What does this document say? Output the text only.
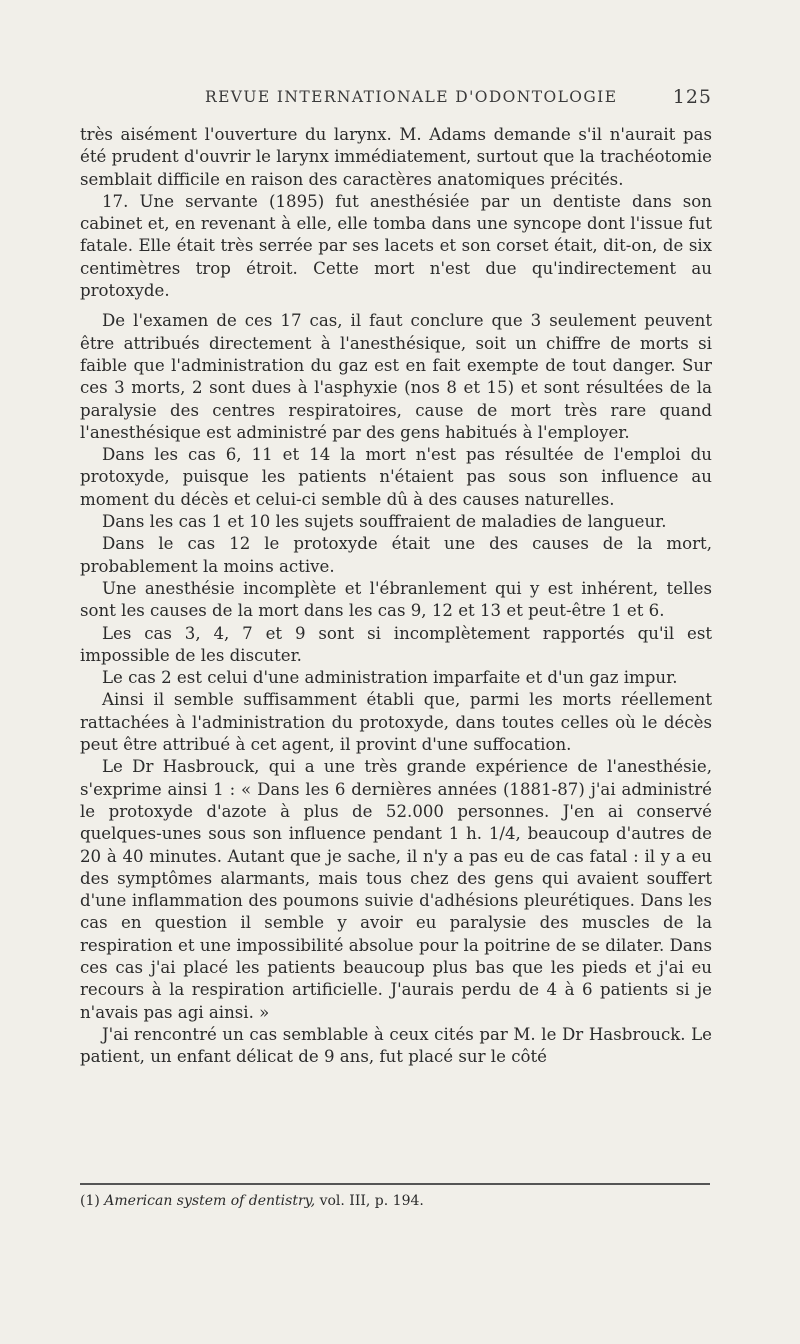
REVUE INTERNATIONALE D'ODONTOLOGIE	125

très aisément l'ouverture du larynx. M. Adams demande s'il n'aurait pas été prudent d'ouvrir le larynx immédiatement, surtout que la trachéotomie semblait difficile en raison des caractères anatomiques précités.

17. Une servante (1895) fut anesthésiée par un dentiste dans son cabinet et, en revenant à elle, elle tomba dans une syncope dont l'issue fut fatale. Elle était très serrée par ses lacets et son corset était, dit-on, de six centimètres trop étroit. Cette mort n'est due qu'indirectement au protoxyde.

De l'examen de ces 17 cas, il faut conclure que 3 seulement peuvent être attribués directement à l'anesthésique, soit un chiffre de morts si faible que l'administration du gaz est en fait exempte de tout danger. Sur ces 3 morts, 2 sont dues à l'asphyxie (nos 8 et 15) et sont résultées de la paralysie des centres respiratoires, cause de mort très rare quand l'anesthésique est administré par des gens habitués à l'employer.

Dans les cas 6, 11 et 14 la mort n'est pas résultée de l'emploi du protoxyde, puisque les patients n'étaient pas sous son influence au moment du décès et celui-ci semble dû à des causes naturelles.

Dans les cas 1 et 10 les sujets souffraient de maladies de langueur.

Dans le cas 12 le protoxyde était une des causes de la mort, probablement la moins active.

Une anesthésie incomplète et l'ébranlement qui y est inhérent, telles sont les causes de la mort dans les cas 9, 12 et 13 et peut-être 1 et 6.

Les cas 3, 4, 7 et 9 sont si incomplètement rapportés qu'il est impossible de les discuter.

Le cas 2 est celui d'une administration imparfaite et d'un gaz impur.

Ainsi il semble suffisamment établi que, parmi les morts réellement rattachées à l'administration du protoxyde, dans toutes celles où le décès peut être attribué à cet agent, il provint d'une suffocation.

Le Dr Hasbrouck, qui a une très grande expérience de l'anesthésie, s'exprime ainsi 1 : « Dans les 6 dernières années (1881-87) j'ai administré le protoxyde d'azote à plus de 52.000 personnes. J'en ai conservé quelques-unes sous son influence pendant 1 h. 1/4, beaucoup d'autres de 20 à 40 minutes. Autant que je sache, il n'y a pas eu de cas fatal : il y a eu des symptômes alarmants, mais tous chez des gens qui avaient souffert d'une inflammation des poumons suivie d'adhésions pleurétiques. Dans les cas en question il semble y avoir eu paralysie des muscles de la respiration et une impossibilité absolue pour la poitrine de se dilater. Dans ces cas j'ai placé les patients beaucoup plus bas que les pieds et j'ai eu recours à la respiration artificielle. J'aurais perdu de 4 à 6 patients si je n'avais pas agi ainsi. »

J'ai rencontré un cas semblable à ceux cités par M. le Dr Hasbrouck. Le patient, un enfant délicat de 9 ans, fut placé sur le côté

(1) American system of dentistry, vol. III, p. 194.
